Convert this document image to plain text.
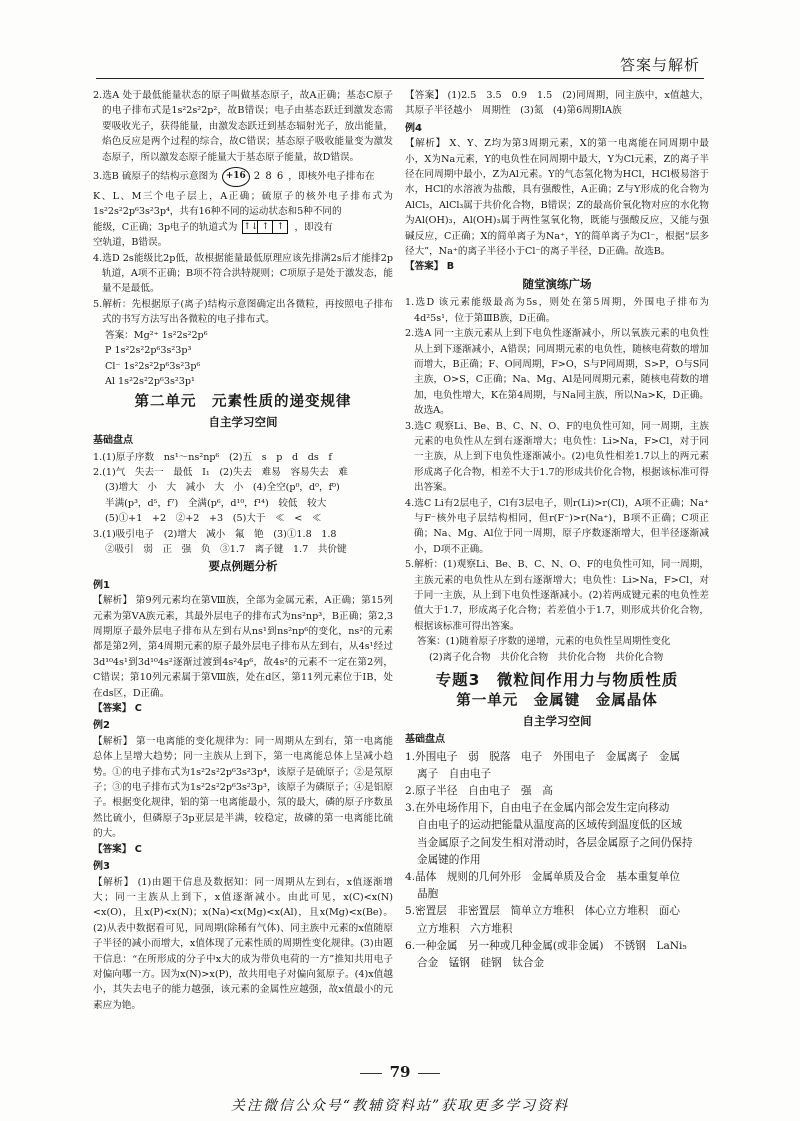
答案与解析

2.选A 处于最低能量状态的原子叫做基态原子，故A正确；基态C原子的电子排布式是1s²2s²2p²，故B错误；电子由基态跃迁到激发态需要吸收光子，获得能量，由激发态跃迁到基态辐射光子，放出能量，焰色反应是两个过程的综合，故C错误；基态原子吸收能量变为激发态原子，所以激发态原子能量大于基态原子能量，故D错误。

3.选B 硫原子的结构示意图为 +16 2 8 6 ，即核外电子排布在

K、L、M三个电子层上，A正确；硫原子的核外电子排布式为1s²2s²2p⁶3s²3p⁴，共有16种不同的运动状态和5种不同的

能级，C正确；3p电子的轨道式为 ↑↓ ↑ ↑	，即没有

空轨道，B错误。

4.选D 2s能级比2p低，故根据能量最低原理应该先排满2s后才能排2p轨道，A项不正确；B项不符合洪特规则；C项原子是处于激发态，能量不是最低。

5.解析：先根据原子(离子)结构示意图确定出各微粒，再按照电子排布式的书写方法写出各微粒的电子排布式。

答案：Mg²⁺ 1s²2s²2p⁶

P 1s²2s²2p⁶3s²3p³

Cl⁻ 1s²2s²2p⁶3s²3p⁶

Al 1s²2s²2p⁶3s²3p¹

第二单元　元素性质的递变规律
自主学习空间
基础盘点

1.(1)原子序数　ns¹～ns²np⁶　(2)五　s　p　d　ds　f

2.(1)气　失去一　最低　I₁　(2)失去　难易　容易失去　难

(3)增大　小　大　减小　大　小　(4)全空(p⁰，d⁰，f⁰)

半满(p³，d⁵，f⁷)　全满(p⁶，d¹⁰，f¹⁴)　较低　较大

(5)①+1　+2　②+2　+3　(5)大于　≪　<　≪

3.(1)吸引电子　(2)增大　减小　氟　铯　(3)①1.8　1.8

②吸引　弱　正　强　负　③1.7　离子键　1.7　共价键

要点例题分析
例1

【解析】 第9列元素均在第Ⅷ族，全部为金属元素，A正确；第15列元素为第ⅤA族元素，其最外层电子的排布式为ns²np³，B正确；第2,3周期原子最外层电子排布从左到右从ns¹到ns²np⁶的变化，ns²的元素都是第2列，第4周期元素的原子最外层电子排布从左到右，从4s¹经过3d¹⁰4s¹到3d¹⁰4s²逐渐过渡到4s²4p⁶，故4s²的元素不一定在第2列，C错误；第10列元素属于第Ⅷ族，处在d区，第11列元素位于ⅠB，处在ds区，D正确。

【答案】 C

例2

【解析】 第一电离能的变化规律为：同一周期从左到右，第一电离能总体上呈增大趋势；同一主族从上到下，第一电离能总体上呈减小趋势。①的电子排布式为1s²2s²2p⁶3s²3p⁴，该原子是硫原子；②是氖原子；③的电子排布式为1s²2s²2p⁶3s²3p³，该原子为磷原子；④是铝原子。根据变化规律，铝的第一电离能最小，氖的最大，磷的原子序数虽然比硫小，但磷原子3p亚层是半满，较稳定，故磷的第一电离能比硫的大。

【答案】 C

例3

【解析】 (1)由题干信息及数据知：同一周期从左到右，x值逐渐增大；同一主族从上到下，x值逐渐减小。由此可见，x(C)<x(N)<x(O)，且x(P)<x(N)；x(Na)<x(Mg)<x(Al)，且x(Mg)<x(Be)。(2)从表中数据看可见，同周期(除稀有气体)、同主族中元素的x值随原子半径的减小而增大，x值体现了元素性质的周期性变化规律。(3)由题干信息：“在所形成的分子中x大的成为带负电荷的一方”推知共用电子对偏向哪一方。因为x(N)>x(P)，故共用电子对偏向氮原子。(4)x值越小，其失去电子的能力越强，该元素的金属性应越强，故x值最小的元素应为铯。

【答案】 (1)2.5　3.5　0.9　1.5　(2)同周期，同主族中，x值越大，其原子半径越小　周期性　(3)氮　(4)第6周期ⅠA族

例4

【解析】 X、Y、Z均为第3周期元素，X的第一电离能在同周期中最小，X为Na元素，Y的电负性在同周期中最大，Y为Cl元素，Z的离子半径在同周期中最小，Z为Al元素。Y的气态氢化物为HCl，HCl极易溶于水，HCl的水溶液为盐酸，具有强酸性，A正确；Z与Y形成的化合物为AlCl₃，AlCl₃属于共价化合物，B错误；Z的最高价氧化物对应的水化物为Al(OH)₃，Al(OH)₃属于两性氢氧化物，既能与强酸反应，又能与强碱反应，C正确；X的简单离子为Na⁺，Y的简单离子为Cl⁻，根据“层多径大”，Na⁺的离子半径小于Cl⁻的离子半径，D正确。故选B。

【答案】 B

随堂演练广场

1.选D 该元素能级最高为5s，则处在第5周期，外围电子排布为4d²5s¹，位于第ⅢB族，D正确。

2.选A 同一主族元素从上到下电负性逐渐减小，所以氧族元素的电负性从上到下逐渐减小，A错误；同周期元素的电负性，随核电荷数的增加而增大，B正确；F、O同周期，F>O，S与P同周期，S>P，O与S同主族，O>S，C正确；Na、Mg、Al是同周期元素，随核电荷数的增加，电负性增大，K在第4周期，与Na同主族，所以Na>K，D正确。故选A。

3.选C 观察Li、Be、B、C、N、O、F的电负性可知，同一周期，主族元素的电负性从左到右逐渐增大；电负性：Li>Na，F>Cl，对于同一主族，从上到下电负性逐渐减小。(2)电负性相差1.7以上的两元素形成离子化合物，相差不大于1.7的形成共价化合物，根据该标准可得出答案。

4.选C Li有2层电子，Cl有3层电子，则r(Li)>r(Cl)，A项不正确；Na⁺与F⁻核外电子层结构相同，但r(F⁻)>r(Na⁺)，B项不正确；C项正确；Na、Mg、Al位于同一周期，原子序数逐渐增大，但半径逐渐减小，D项不正确。

5.解析：(1)观察Li、Be、B、C、N、O、F的电负性可知，同一周期，主族元素的电负性从左到右逐渐增大；电负性：Li>Na，F>Cl，对于同一主族，从上到下电负性逐渐减小。(2)若两成键元素的电负性差值大于1.7，形成离子化合物；若差值小于1.7，则形成共价化合物，根据该标准可得出答案。

答案：(1)随着原子序数的递增，元素的电负性呈周期性变化

(2)离子化合物　共价化合物　共价化合物　共价化合物

专题3　微粒间作用力与物质性质
第一单元　金属键　金属晶体
自主学习空间
基础盘点

1.外围电子　弱　脱落　电子　外围电子　金属离子　金属

离子　自由电子

2.原子半径　自由电子　强　高

3.在外电场作用下，自由电子在金属内部会发生定向移动

自由电子的运动把能量从温度高的区域传到温度低的区域

当金属原子之间发生相对滑动时，各层金属原子之间仍保持

金属键的作用

4.晶体　规则的几何外形　金属单质及合金　基本重复单位

晶胞

5.密置层　非密置层　简单立方堆积　体心立方堆积　面心

立方堆积　六方堆积

6.一种金属　另一种或几种金属(或非金属)　不锈钢　LaNi₅

合金　锰钢　硅钢　钛合金

79
关注微信公众号“教辅资料站”获取更多学习资料
